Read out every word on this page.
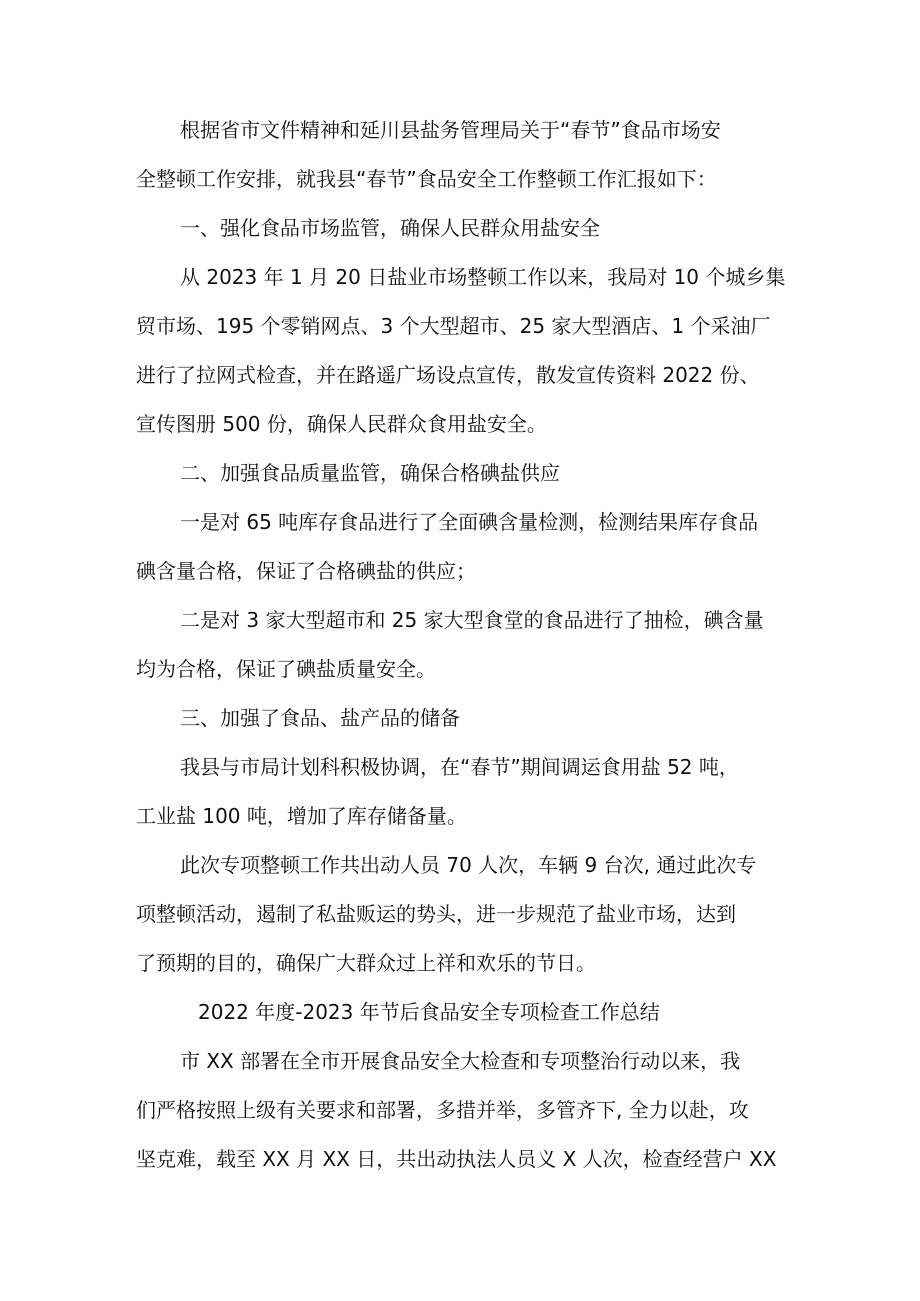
根据省市文件精神和延川县盐务管理局关于“春节”食品市场安
全整顿工作安排，就我县“春节”食品安全工作整顿工作汇报如下：
一、强化食品市场监管，确保人民群众用盐安全
从 2023 年 1 月 20 日盐业市场整顿工作以来，我局对 10 个城乡集
贸市场、195 个零销网点、3 个大型超市、25 家大型酒店、1 个采油厂
进行了拉网式检查，并在路遥广场设点宣传，散发宣传资料 2022 份、
宣传图册 500 份，确保人民群众食用盐安全。
二、加强食品质量监管，确保合格碘盐供应
一是对 65 吨库存食品进行了全面碘含量检测，检测结果库存食品
碘含量合格，保证了合格碘盐的供应；
二是对 3 家大型超市和 25 家大型食堂的食品进行了抽检，碘含量
均为合格，保证了碘盐质量安全。
三、加强了食品、盐产品的储备
我县与市局计划科积极协调，在“春节”期间调运食用盐 52 吨，
工业盐 100 吨，增加了库存储备量。
此次专项整顿工作共出动人员 70 人次，车辆 9 台次, 通过此次专
项整顿活动，遏制了私盐贩运的势头，进一步规范了盐业市场，达到
了预期的目的，确保广大群众过上祥和欢乐的节日。
2022 年度-2023 年节后食品安全专项检查工作总结
市 XX 部署在全市开展食品安全大检查和专项整治行动以来，我
们严格按照上级有关要求和部署，多措并举，多管齐下, 全力以赴，攻
坚克难，载至 XX 月 XX 日，共出动执法人员义 X 人次，检查经营户 XX
